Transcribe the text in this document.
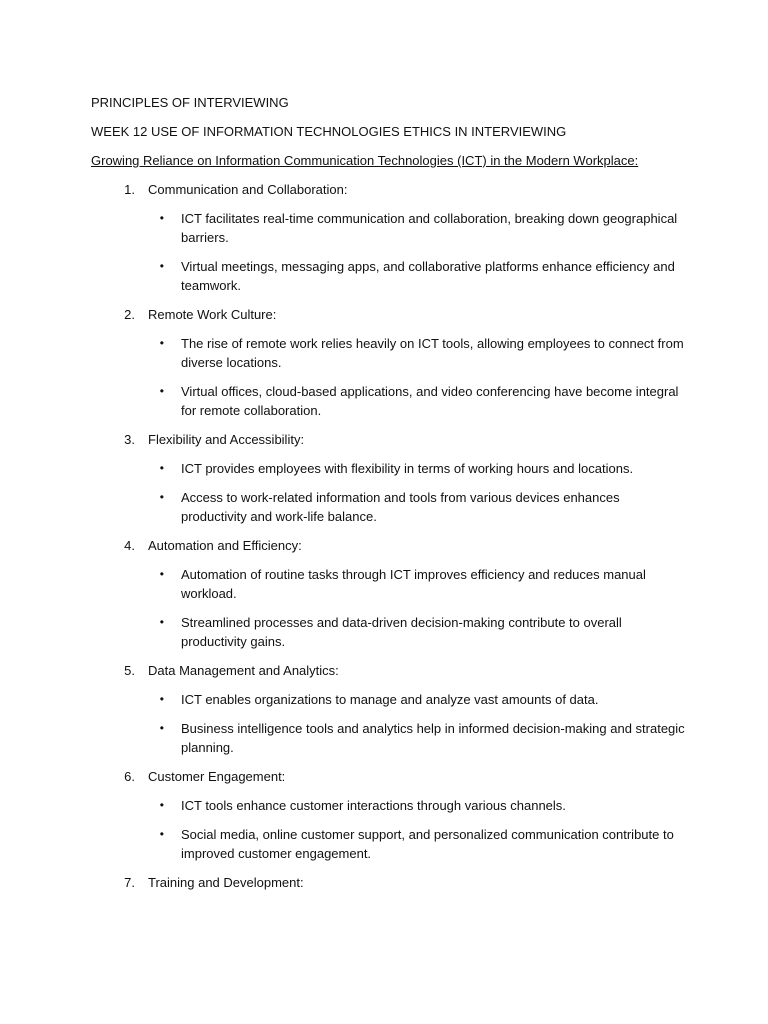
PRINCIPLES OF INTERVIEWING

WEEK 12 USE OF INFORMATION TECHNOLOGIES ETHICS IN INTERVIEWING

Growing Reliance on Information Communication Technologies (ICT) in the Modern Workplace:

1. Communication and Collaboration:
•	ICT facilitates real-time communication and collaboration, breaking down geographical barriers.
•	Virtual meetings, messaging apps, and collaborative platforms enhance efficiency and teamwork.
2. Remote Work Culture:
•	The rise of remote work relies heavily on ICT tools, allowing employees to connect from diverse locations.
•	Virtual offices, cloud-based applications, and video conferencing have become integral for remote collaboration.
3. Flexibility and Accessibility:
•	ICT provides employees with flexibility in terms of working hours and locations.
•	Access to work-related information and tools from various devices enhances productivity and work-life balance.
4. Automation and Efficiency:
•	Automation of routine tasks through ICT improves efficiency and reduces manual workload.
•	Streamlined processes and data-driven decision-making contribute to overall productivity gains.
5. Data Management and Analytics:
•	ICT enables organizations to manage and analyze vast amounts of data.
•	Business intelligence tools and analytics help in informed decision-making and strategic planning.
6. Customer Engagement:
•	ICT tools enhance customer interactions through various channels.
•	Social media, online customer support, and personalized communication contribute to improved customer engagement.
7. Training and Development:
